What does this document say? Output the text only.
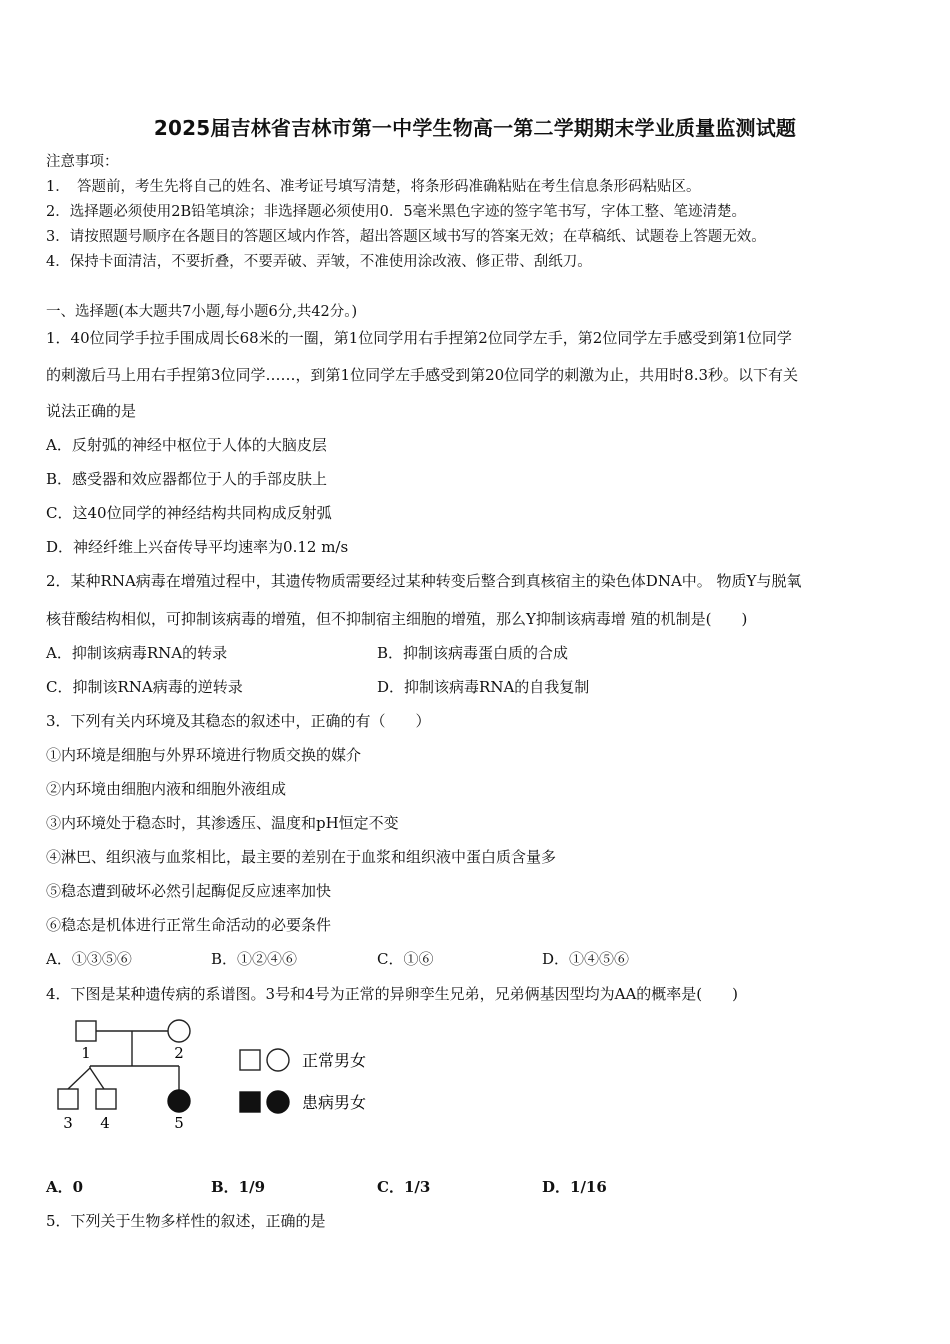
2025届吉林省吉林市第一中学生物高一第二学期期末学业质量监测试题
注意事项：
1．　答题前，考生先将自己的姓名、准考证号填写清楚，将条形码准确粘贴在考生信息条形码粘贴区。
2．选择题必须使用2B铅笔填涂；非选择题必须使用0．5毫米黑色字迹的签字笔书写，字体工整、笔迹清楚。
3．请按照题号顺序在各题目的答题区域内作答，超出答题区域书写的答案无效；在草稿纸、试题卷上答题无效。
4．保持卡面清洁，不要折叠，不要弄破、弄皱，不准使用涂改液、修正带、刮纸刀。
一、选择题(本大题共7小题,每小题6分,共42分。)
1．40位同学手拉手围成周长68米的一圈，第1位同学用右手捏第2位同学左手，第2位同学左手感受到第1位同学
的刺激后马上用右手捏第3位同学……，到第1位同学左手感受到第20位同学的刺激为止，共用时8.3秒。以下有关
说法正确的是
A．反射弧的神经中枢位于人体的大脑皮层
B．感受器和效应器都位于人的手部皮肤上
C．这40位同学的神经结构共同构成反射弧
D．神经纤维上兴奋传导平均速率为0.12 m/s
2．某种RNA病毒在增殖过程中，其遗传物质需要经过某种转变后整合到真核宿主的染色体DNA中。 物质Y与脱氧
核苷酸结构相似，可抑制该病毒的增殖，但不抑制宿主细胞的增殖，那么Y抑制该病毒增 殖的机制是(　　)
A．抑制该病毒RNA的转录	B．抑制该病毒蛋白质的合成
C．抑制该RNA病毒的逆转录	D．抑制该病毒RNA的自我复制
3．下列有关内环境及其稳态的叙述中，正确的有（　　）
①内环境是细胞与外界环境进行物质交换的媒介
②内环境由细胞内液和细胞外液组成
③内环境处于稳态时，其渗透压、温度和pH恒定不变
④淋巴、组织液与血浆相比，最主要的差别在于血浆和组织液中蛋白质含量多
⑤稳态遭到破坏必然引起酶促反应速率加快
⑥稳态是机体进行正常生命活动的必要条件
A．①③⑤⑥	B．①②④⑥	C．①⑥	D．①④⑤⑥
4．下图是某种遗传病的系谱图。3号和4号为正常的异卵孪生兄弟，兄弟俩基因型均为AA的概率是(　　)
1	2
3 4	5
正常男女
患病男女
A．0	B．1/9	C．1/3	D．1/16
5．下列关于生物多样性的叙述，正确的是
